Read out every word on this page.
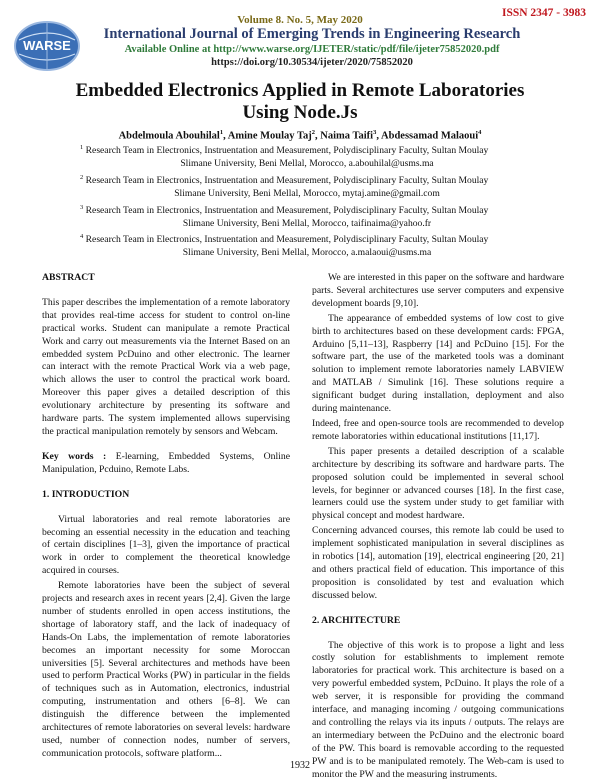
ISSN 2347 - 3983
WARSE
Volume 8. No. 5, May 2020
International Journal of Emerging Trends in Engineering Research
Available Online at http://www.warse.org/IJETER/static/pdf/file/ijeter75852020.pdf
https://doi.org/10.30534/ijeter/2020/75852020
Embedded Electronics Applied in Remote Laboratories
Using Node.Js
Abdelmoula Abouhilal$^1$, Amine Moulay Taj$^2$, Naima Taifi$^3$, Abdessamad Malaoui$^4$
$^1$ Research Team in Electronics, Instruentation and Measurement, Polydisciplinary Faculty, Sultan Moulay
Slimane University, Beni Mellal, Morocco, a.abouhilal@usms.ma
$^2$ Research Team in Electronics, Instruentation and Measurement, Polydisciplinary Faculty, Sultan Moulay
Slimane University, Beni Mellal, Morocco, mytaj.amine@gmail.com
$^3$ Research Team in Electronics, Instruentation and Measurement, Polydisciplinary Faculty, Sultan Moulay
Slimane University, Beni Mellal, Morocco, taifinaima@yahoo.fr
$^4$ Research Team in Electronics, Instruentation and Measurement, Polydisciplinary Faculty, Sultan Moulay
Slimane University, Beni Mellal, Morocco, a.malaoui@usms.ma
ABSTRACT

This paper describes the implementation of a remote laboratory that provides real-time access for student to control on-line practical works. Student can manipulate a remote Practical Work and carry out measurements via the Internet Based on an embedded system PcDuino and other electronic. The learner can interact with the remote Practical Work via a web page, which allows the user to control the practical work board. Moreover this paper gives a detailed description of this evolutionary architecture by presenting its software and hardware parts. The system implemented allows supervising the practical manipulation remotely by sensors and Webcam.

Key words : E-learning, Embedded Systems, Online Manipulation, Pcduino, Remote Labs.

1. INTRODUCTION

Virtual laboratories and real remote laboratories are becoming an essential necessity in the education and teaching of certain disciplines [1–3], given the importance of practical work in order to complement the theoretical knowledge acquired in courses.

Remote laboratories have been the subject of several projects and research axes in recent years [2,4]. Given the large number of students enrolled in open access institutions, the shortage of laboratory staff, and the lack of inadequacy of Hands-On Labs, the implementation of remote laboratories becomes an important necessity for some Moroccan universities [5]. Several architectures and methods have been used to perform Practical Works (PW) in particular in the fields of techniques such as in Automation, electronics, industrial computing, instrumentation and others [6–8]. We can distinguish the difference between the implemented architectures of remote laboratories on several levels: hardware used, number of connection nodes, number of servers, communication protocols, software platform...

We are interested in this paper on the software and hardware parts. Several architectures use server computers and expensive development boards [9,10].

The appearance of embedded systems of low cost to give birth to architectures based on these development cards: FPGA, Arduino [5,11–13], Raspberry [14] and PcDuino [15]. For the software part, the use of the marketed tools was a dominant solution to implement remote laboratories namely LABVIEW and MATLAB / Simulink [16]. These solutions require a significant budget during installation, deployment and also during maintenance.

Indeed, free and open-source tools are recommended to develop remote laboratories within educational institutions [11,17].

This paper presents a detailed description of a scalable architecture by describing its software and hardware parts. The proposed solution could be implemented in several school levels, for beginner or advanced courses [18]. In the first case, learners could use the system under study to get familiar with physical concept and modest hardware.

Concerning advanced courses, this remote lab could be used to implement sophisticated manipulation in several disciplines as in robotics [14], automation [19], electrical engineering [20, 21] and others practical field of education. This importance of this proposition is consolidated by test and evaluation which discussed below.

2. ARCHITECTURE

The objective of this work is to propose a light and less costly solution for establishments to implement remote laboratories for practical work. This architecture is based on a very powerful embedded system, PcDuino. It plays the role of a web server, it is responsible for providing the command interface, and managing incoming / outgoing communications and controlling the relays via its inputs / outputs. The relays are an intermediary between the PcDuino and the electronic board of the PW. This board is removable according to the requested PW and is to be manipulated remotely. The Web-cam is used to monitor the PW and the measuring instruments.

1932
